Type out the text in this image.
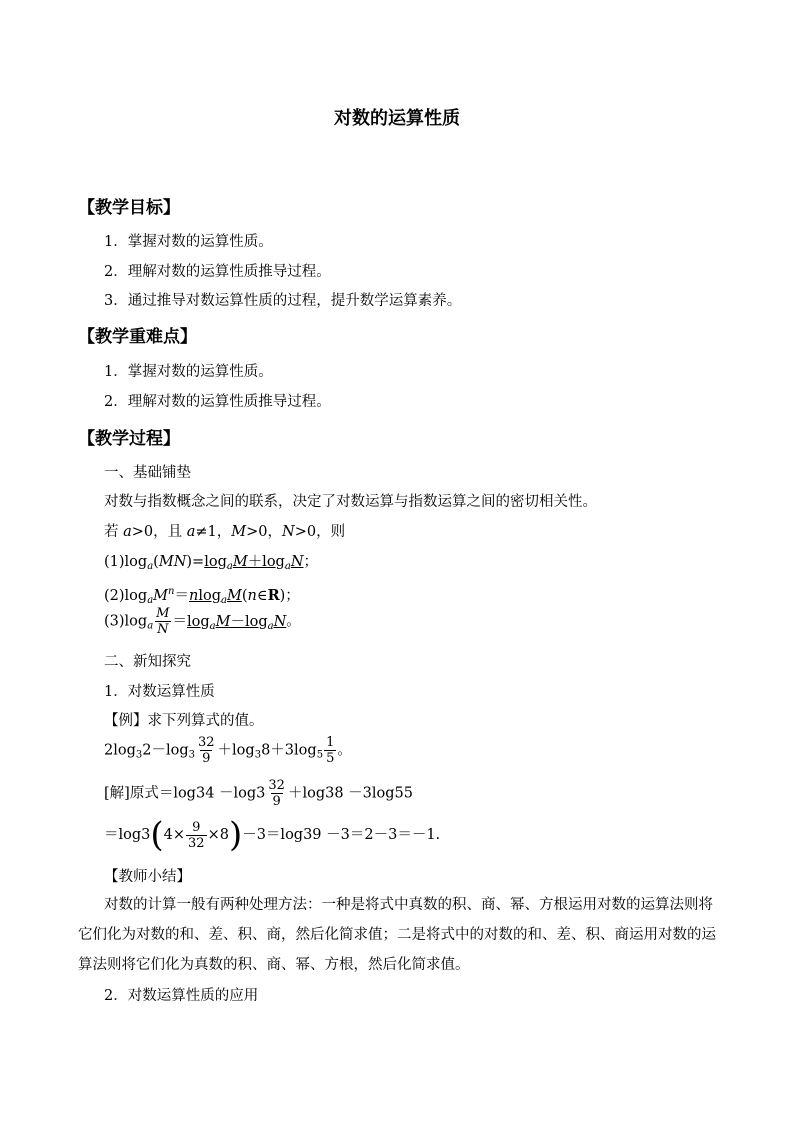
对数的运算性质
【教学目标】
1．掌握对数的运算性质。
2．理解对数的运算性质推导过程。
3．通过推导对数运算性质的过程，提升数学运算素养。
【教学重难点】
1．掌握对数的运算性质。
2．理解对数的运算性质推导过程。
【教学过程】
一、基础铺垫
对数与指数概念之间的联系，决定了对数运算与指数运算之间的密切相关性。
若 a>0，且 a≠1，M>0，N>0，则
$(1)\log_a(MN)=\log_aM+\log_aN$；
$(2)\log_aM^n=nlog_aM(n\in R)$；
$(3)\log_a \frac{M}{N} =\log_aM-\log_aN$。
二、新知探究
1．对数运算性质
【例】求下列算式的值。
$2\log_32-\log_3 \frac{32}{9} +\log_38+3\log_5 \frac{1}{5}$ 。
[解]原式$=\log 34 -\log 3 \frac{32}{9} +\log 38 -3\log 55$
$=\log 3(4\times \frac{9}{32} \times 8)-3=\log 39 -3=2-3=-1$.
【教师小结】
对数的计算一般有两种处理方法：一种是将式中真数的积、商、幂、方根运用对数的运算法则将它们化为对数的和、差、积、商，然后化简求值；二是将式中的对数的和、差、积、商运用对数的运算法则将它们化为真数的积、商、幂、方根，然后化简求值。
2．对数运算性质的应用
